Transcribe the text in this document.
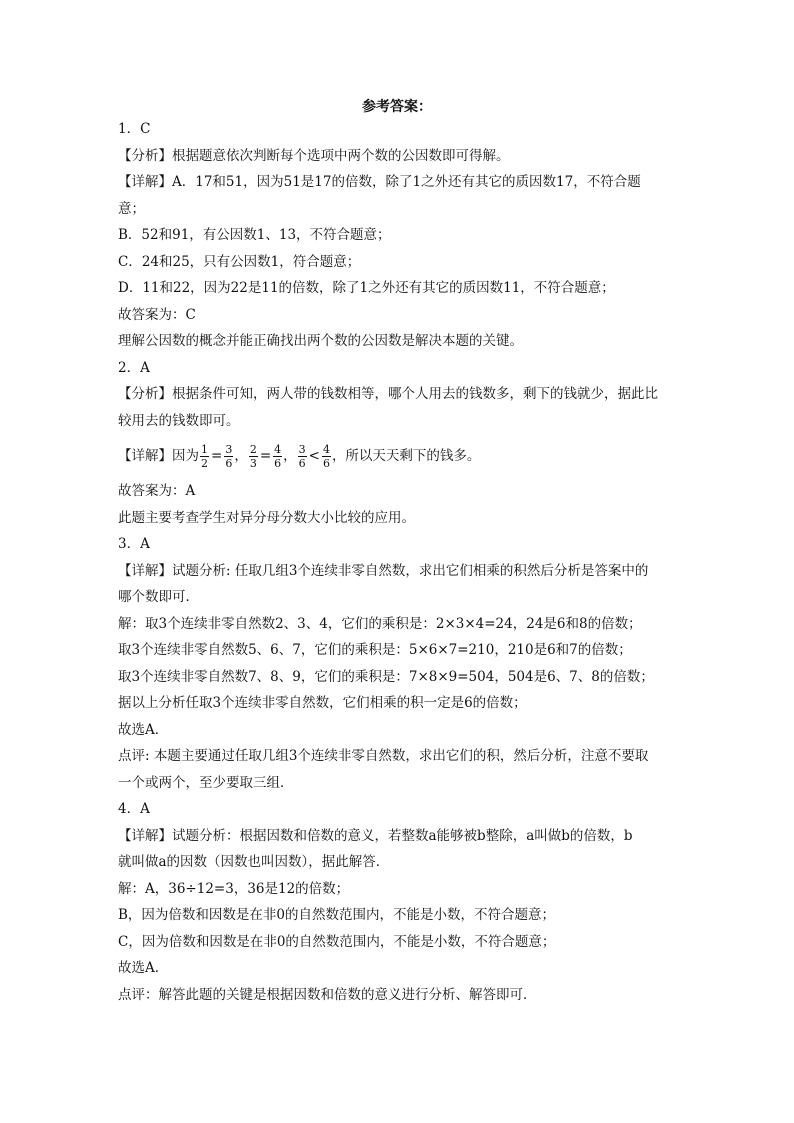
参考答案：
1．C
【分析】根据题意依次判断每个选项中两个数的公因数即可得解。
【详解】A．17和51，因为51是17的倍数，除了1之外还有其它的质因数17，不符合题
意；
B．52和91，有公因数1、13，不符合题意；
C．24和25，只有公因数1，符合题意；
D．11和22，因为22是11的倍数，除了1之外还有其它的质因数11，不符合题意；
故答案为：C
理解公因数的概念并能正确找出两个数的公因数是解决本题的关键。
2．A
【分析】根据条件可知，两人带的钱数相等，哪个人用去的钱数多，剩下的钱就少，据此比
较用去的钱数即可。
【详解】因为 $\frac{1}{2} = \frac{3}{6}$ ， $\frac{2}{3} = \frac{4}{6}$ ， $\frac{3}{6} < \frac{4}{6}$ ，所以天天剩下的钱多。
故答案为：A
此题主要考查学生对异分母分数大小比较的应用。
3．A
【详解】试题分析: 任取几组3个连续非零自然数，求出它们相乘的积然后分析是答案中的
哪个数即可．
解：取3个连续非零自然数2、3、4，它们的乘积是：2×3×4=24，24是6和8的倍数；
取3个连续非零自然数5、6、7，它们的乘积是：5×6×7=210，210是6和7的倍数；
取3个连续非零自然数7、8、9，它们的乘积是：7×8×9=504，504是6、7、8的倍数；
据以上分析任取3个连续非零自然数，它们相乘的积一定是6的倍数；
故选A．
点评: 本题主要通过任取几组3个连续非零自然数，求出它们的积，然后分析，注意不要取
一个或两个，至少要取三组．
4．A
【详解】试题分析：根据因数和倍数的意义，若整数a能够被b整除，a叫做b的倍数，b
就叫做a的因数（因数也叫因数），据此解答．
解：A，36÷12=3，36是12的倍数；
B，因为倍数和因数是在非0的自然数范围内，不能是小数，不符合题意；
C，因为倍数和因数是在非0的自然数范围内，不能是小数，不符合题意；
故选A．
点评：解答此题的关键是根据因数和倍数的意义进行分析、解答即可．
